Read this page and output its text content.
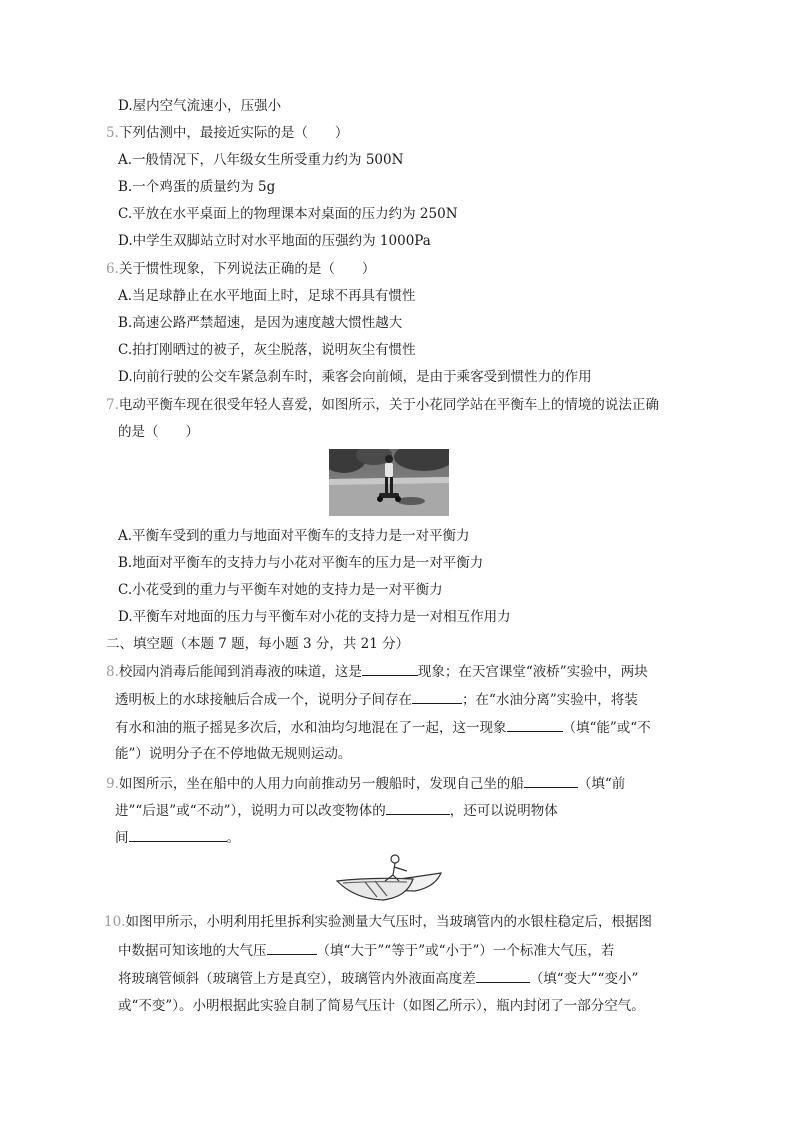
D.屋内空气流速小，压强小
5.下列估测中，最接近实际的是（　　）
A.一般情况下，八年级女生所受重力约为 500N
B.一个鸡蛋的质量约为 5g
C.平放在水平桌面上的物理课本对桌面的压力约为 250N
D.中学生双脚站立时对水平地面的压强约为 1000Pa
6.关于惯性现象，下列说法正确的是（　　）
A.当足球静止在水平地面上时，足球不再具有惯性
B.高速公路严禁超速，是因为速度越大惯性越大
C.拍打刚晒过的被子，灰尘脱落，说明灰尘有惯性
D.向前行驶的公交车紧急刹车时，乘客会向前倾，是由于乘客受到惯性力的作用
7.电动平衡车现在很受年轻人喜爱，如图所示，关于小花同学站在平衡车上的情境的说法正确
的是（　　）
A.平衡车受到的重力与地面对平衡车的支持力是一对平衡力
B.地面对平衡车的支持力与小花对平衡车的压力是一对平衡力
C.小花受到的重力与平衡车对她的支持力是一对平衡力
D.平衡车对地面的压力与平衡车对小花的支持力是一对相互作用力
二、填空题（本题 7 题，每小题 3 分，共 21 分）
8.校园内消毒后能闻到消毒液的味道，这是	现象；在天宫课堂“液桥”实验中，两块
透明板上的水球接触后合成一个，说明分子间存在	；在“水油分离”实验中，将装
有水和油的瓶子摇晃多次后，水和油均匀地混在了一起，这一现象	（填“能”或“不
能”）说明分子在不停地做无规则运动。
9.如图所示，坐在船中的人用力向前推动另一艘船时，发现自己坐的船	（填“前
进”“后退”或“不动”），说明力可以改变物体的	，还可以说明物体
间	。
10.如图甲所示，小明利用托里拆利实验测量大气压时，当玻璃管内的水银柱稳定后，根据图
中数据可知该地的大气压	（填“大于”“等于”或“小于”）一个标准大气压，若
将玻璃管倾斜（玻璃管上方是真空），玻璃管内外液面高度差	（填“变大”“变小”
或“不变”）。小明根据此实验自制了简易气压计（如图乙所示），瓶内封闭了一部分空气。
